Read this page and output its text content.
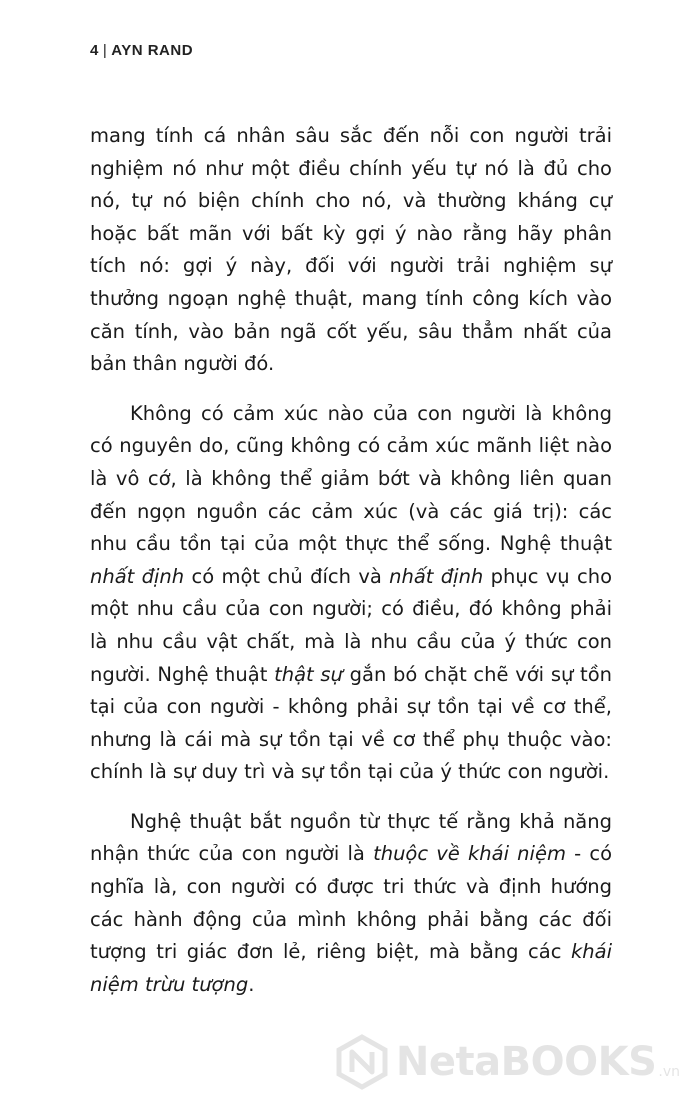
4 | AYN RAND

mang tính cá nhân sâu sắc đến nỗi con người trải nghiệm nó như một điều chính yếu tự nó là đủ cho nó, tự nó biện chính cho nó, và thường kháng cự hoặc bất mãn với bất kỳ gợi ý nào rằng hãy phân tích nó: gợi ý này, đối với người trải nghiệm sự thưởng ngoạn nghệ thuật, mang tính công kích vào căn tính, vào bản ngã cốt yếu, sâu thẳm nhất của bản thân người đó.

Không có cảm xúc nào của con người là không có nguyên do, cũng không có cảm xúc mãnh liệt nào là vô cớ, là không thể giảm bớt và không liên quan đến ngọn nguồn các cảm xúc (và các giá trị): các nhu cầu tồn tại của một thực thể sống. Nghệ thuật nhất định có một chủ đích và nhất định phục vụ cho một nhu cầu của con người; có điều, đó không phải là nhu cầu vật chất, mà là nhu cầu của ý thức con người. Nghệ thuật thật sự gắn bó chặt chẽ với sự tồn tại của con người - không phải sự tồn tại về cơ thể, nhưng là cái mà sự tồn tại về cơ thể phụ thuộc vào: chính là sự duy trì và sự tồn tại của ý thức con người.

Nghệ thuật bắt nguồn từ thực tế rằng khả năng nhận thức của con người là thuộc về khái niệm - có nghĩa là, con người có được tri thức và định hướng các hành động của mình không phải bằng các đối tượng tri giác đơn lẻ, riêng biệt, mà bằng các khái niệm trừu tượng.

NetaBOOKS .vn
